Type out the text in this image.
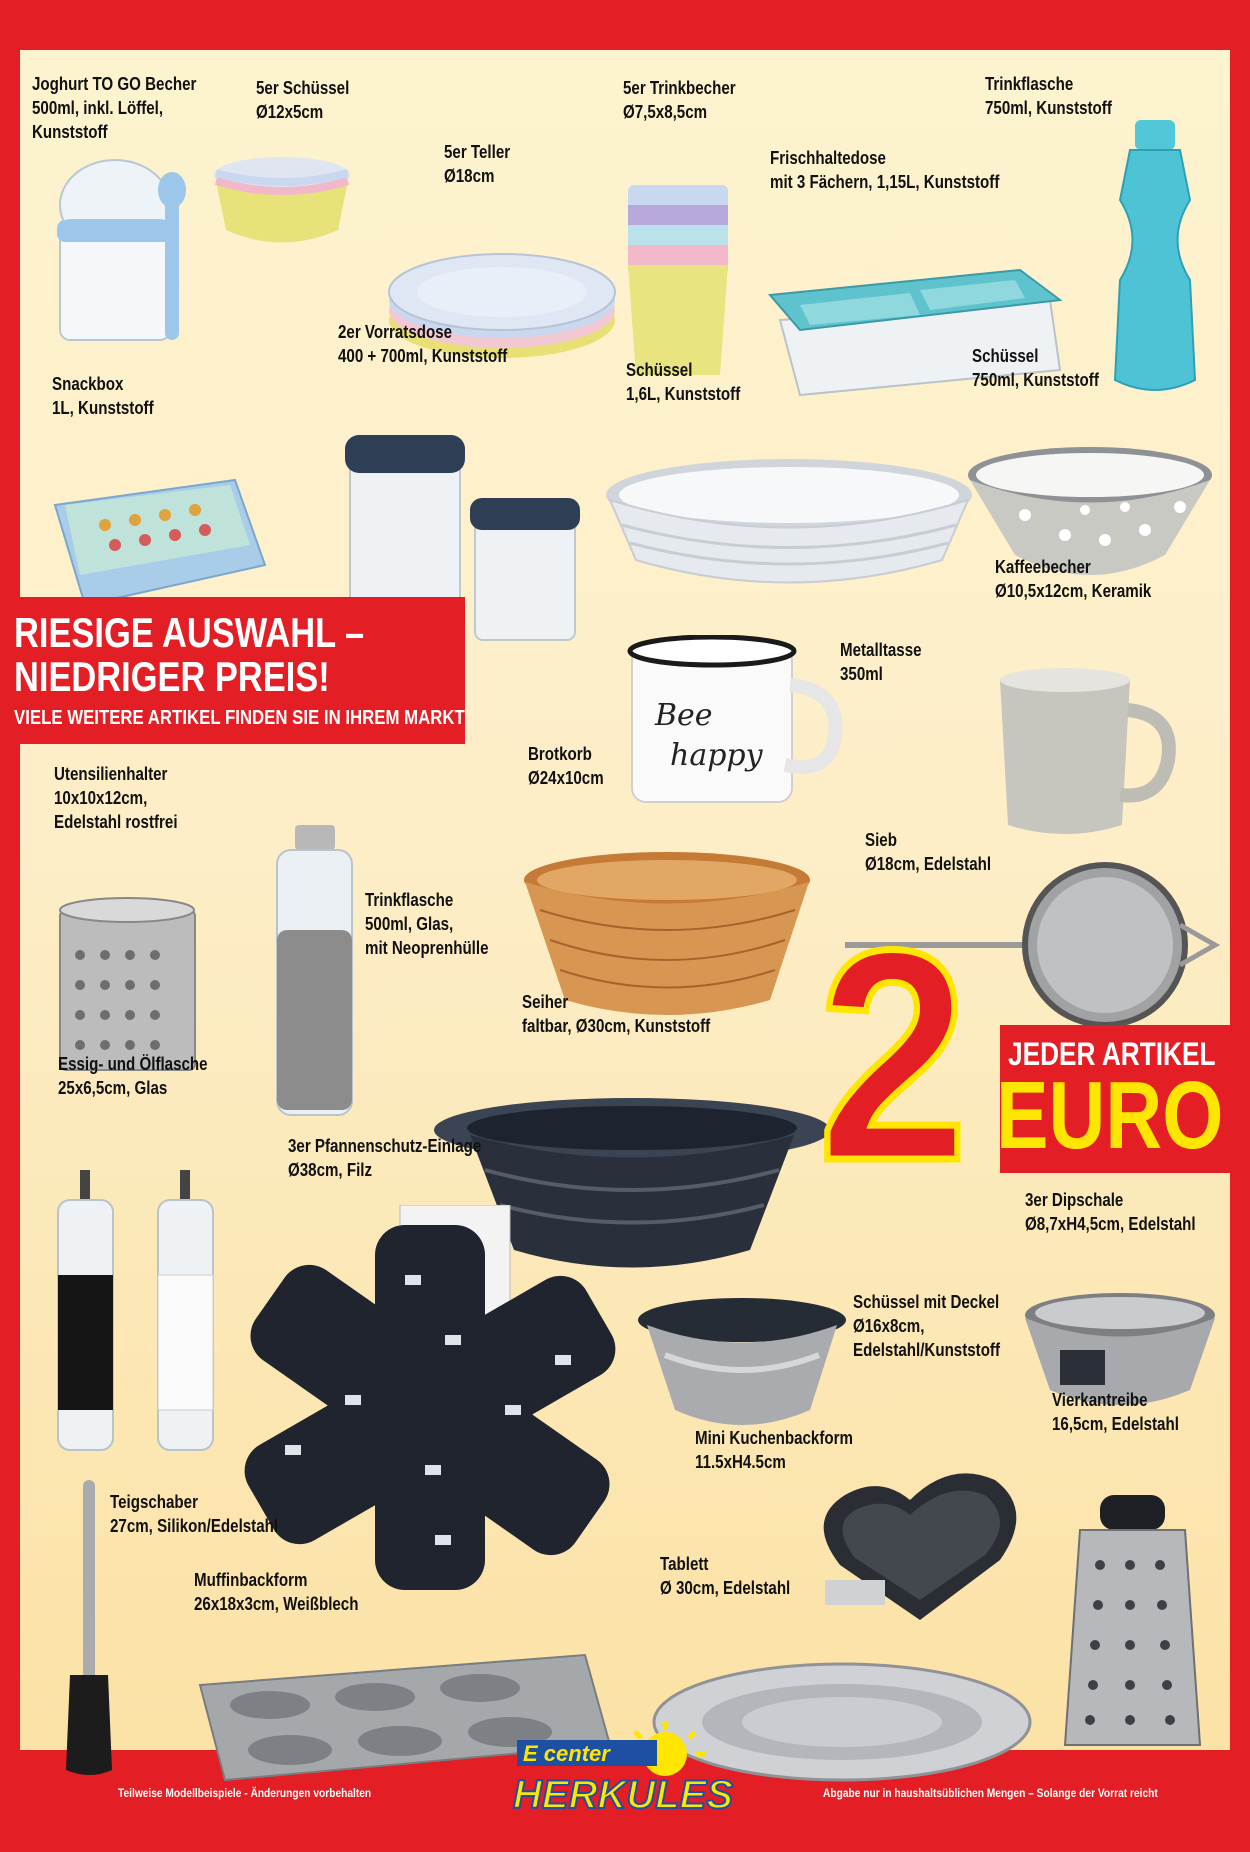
Bee
happy
Joghurt TO GO Becher
500ml, inkl. Löffel,
Kunststoff
5er Schüssel
Ø12x5cm
5er Teller
Ø18cm
5er Trinkbecher
Ø7,5x8,5cm
Trinkflasche
750ml, Kunststoff
Frischhaltedose
mit 3 Fächern, 1,15L, Kunststoff
2er Vorratsdose
400 + 700ml, Kunststoff
Snackbox
1L, Kunststoff
Schüssel
1,6L, Kunststoff
Schüssel
750ml, Kunststoff
Kaffeebecher
Ø10,5x12cm, Keramik
Metalltasse
350ml
Brotkorb
Ø24x10cm
Utensilienhalter
10x10x12cm,
Edelstahl rostfrei
Trinkflasche
500ml, Glas,
mit Neoprenhülle
Sieb
Ø18cm, Edelstahl
Seiher
faltbar, Ø30cm, Kunststoff
Essig- und Ölflasche
25x6,5cm, Glas
3er Pfannenschutz-Einlage
Ø38cm, Filz
3er Dipschale
Ø8,7xH4,5cm, Edelstahl
Schüssel mit Deckel
Ø16x8cm,
Edelstahl/Kunststoff
Vierkantreibe
16,5cm, Edelstahl
Mini Kuchenbackform
11.5xH4.5cm
Teigschaber
27cm, Silikon/Edelstahl
Muffinbackform
26x18x3cm, Weißblech
Tablett
Ø 30cm, Edelstahl
RIESIGE AUSWAHL –
NIEDRIGER PREIS!
VIELE WEITERE ARTIKEL FINDEN SIE IN IHREM MARKT
2 JEDER ARTIKEL
EURO
Teilweise Modellbeispiele - Änderungen vorbehalten	Abgabe nur in haushaltsüblichen Mengen – Solange der Vorrat reicht
E center
HERKULES
